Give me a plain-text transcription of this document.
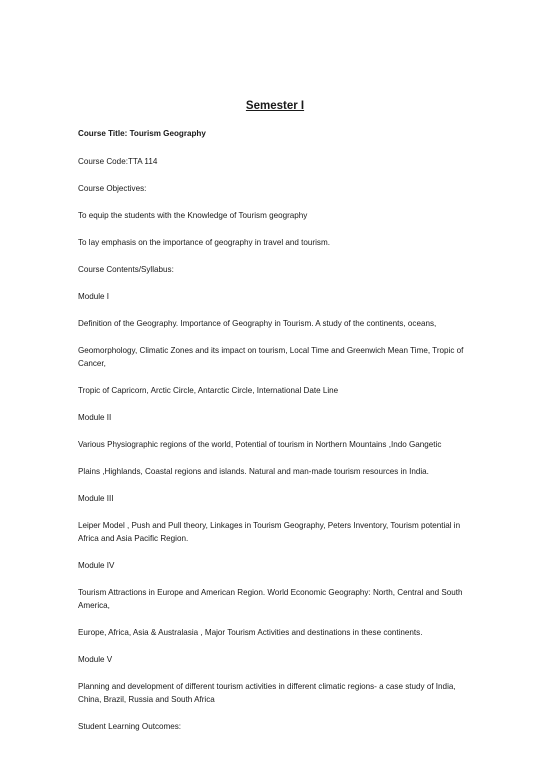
Semester I

Course Title: Tourism Geography

Course Code:TTA 114

Course Objectives:

To equip the students with the Knowledge of Tourism geography

To lay emphasis on the importance of geography in travel and tourism.

Course Contents/Syllabus:

Module I

Definition of the Geography. Importance of Geography in Tourism. A study of the continents, oceans,

Geomorphology, Climatic Zones and its impact on tourism, Local Time and Greenwich Mean Time, Tropic of Cancer,

Tropic of Capricorn, Arctic Circle, Antarctic Circle, International Date Line

Module II

Various Physiographic regions of the world, Potential of tourism in Northern Mountains ,Indo Gangetic

Plains ,Highlands, Coastal regions and islands. Natural and man-made tourism resources in India.

Module III

Leiper Model , Push and Pull theory, Linkages in Tourism Geography, Peters Inventory, Tourism potential in Africa and Asia Pacific Region.

Module IV

Tourism Attractions in Europe and American Region. World Economic Geography: North, Central and South America,

Europe, Africa, Asia & Australasia , Major Tourism Activities and destinations in these continents.

Module V

Planning and development of different tourism activities in different climatic regions- a case study of India, China, Brazil, Russia and South Africa

Student Learning Outcomes:
